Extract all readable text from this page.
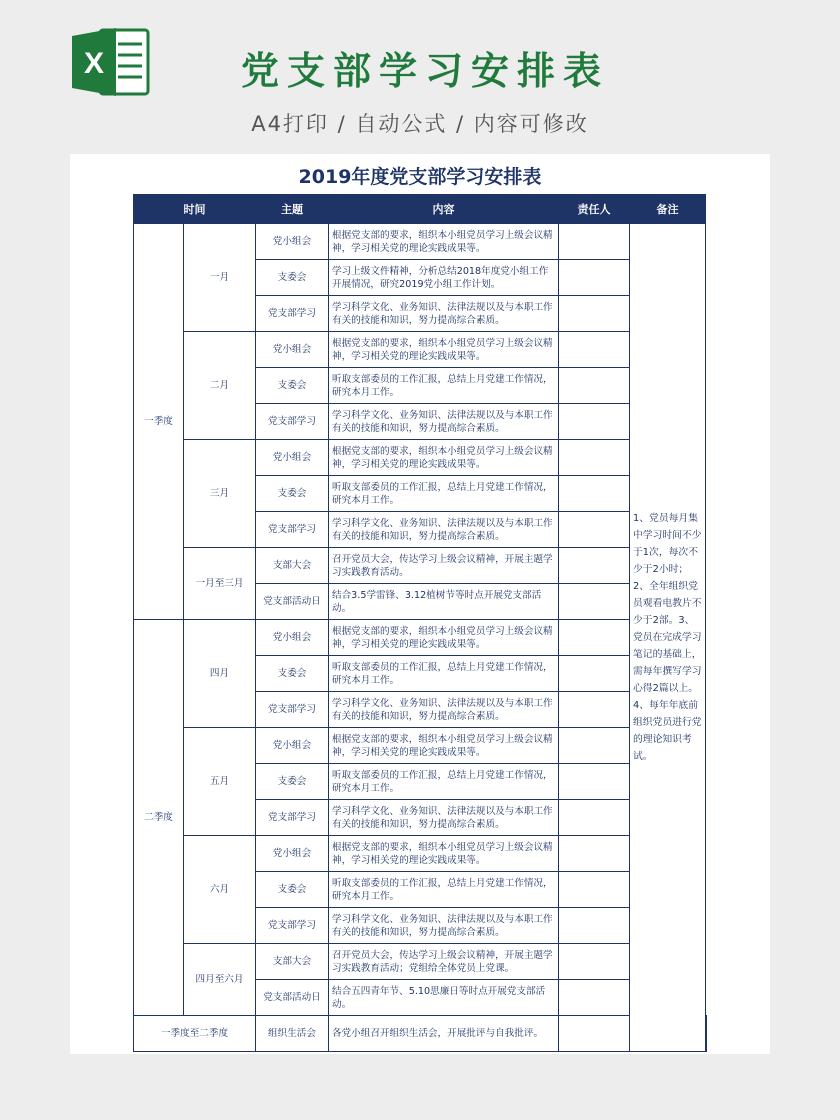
X	党支部学习安排表
A4打印 / 自动公式 / 内容可修改
2019年度党支部学习安排表
时间		主题	内容	责任人	备注	
一季度	一月	党小组会	根据党支部的要求，组织本小组党员学习上级会议精神，学习相关党的理论实践成果等。		1、党员每月集中学习时间不少于1次，每次不少于2小时；2、全年组织党员观看电教片不少于2部。3、党员在完成学习笔记的基础上，需每年撰写学习心得2篇以上。4、每年年底前组织党员进行党的理论知识考试。	
		支委会	学习上级文件精神，分析总结2018年度党小组工作开展情况，研究2019党小组工作计划。			
		党支部学习	学习科学文化、业务知识、法律法规以及与本职工作有关的技能和知识，努力提高综合素质。			
	二月	党小组会	根据党支部的要求，组织本小组党员学习上级会议精神，学习相关党的理论实践成果等。			
		支委会	听取支部委员的工作汇报，总结上月党建工作情况，研究本月工作。			
		党支部学习	学习科学文化、业务知识、法律法规以及与本职工作有关的技能和知识，努力提高综合素质。			
	三月	党小组会	根据党支部的要求，组织本小组党员学习上级会议精神，学习相关党的理论实践成果等。			
		支委会	听取支部委员的工作汇报，总结上月党建工作情况，研究本月工作。			
		党支部学习	学习科学文化、业务知识、法律法规以及与本职工作有关的技能和知识，努力提高综合素质。			
	一月至三月	支部大会	召开党员大会，传达学习上级会议精神，开展主题学习实践教育活动。			
		党支部活动日	结合3.5学雷锋、3.12植树节等时点开展党支部活动。			
二季度	四月	党小组会	根据党支部的要求，组织本小组党员学习上级会议精神，学习相关党的理论实践成果等。			
		支委会	听取支部委员的工作汇报，总结上月党建工作情况，研究本月工作。			
		党支部学习	学习科学文化、业务知识、法律法规以及与本职工作有关的技能和知识，努力提高综合素质。			
	五月	党小组会	根据党支部的要求，组织本小组党员学习上级会议精神，学习相关党的理论实践成果等。			
		支委会	听取支部委员的工作汇报，总结上月党建工作情况，研究本月工作。			
		党支部学习	学习科学文化、业务知识、法律法规以及与本职工作有关的技能和知识，努力提高综合素质。			
	六月	党小组会	根据党支部的要求，组织本小组党员学习上级会议精神，学习相关党的理论实践成果等。			
		支委会	听取支部委员的工作汇报，总结上月党建工作情况，研究本月工作。			
		党支部学习	学习科学文化、业务知识、法律法规以及与本职工作有关的技能和知识，努力提高综合素质。			
	四月至六月	支部大会	召开党员大会，传达学习上级会议精神，开展主题学习实践教育活动；党组给全体党员上党课。			
		党支部活动日	结合五四青年节、5.10思廉日等时点开展党支部活动。			
一季度至二季度		组织生活会	各党小组召开组织生活会，开展批评与自我批评。			
